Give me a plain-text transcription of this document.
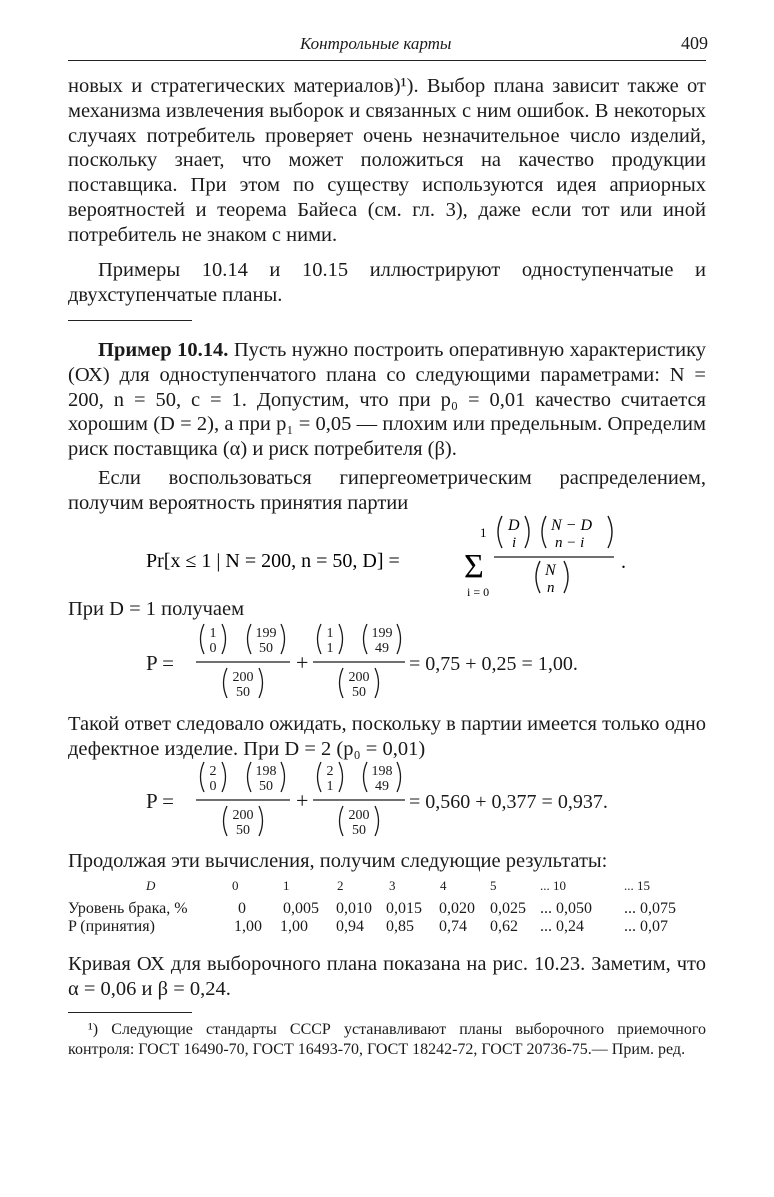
Контрольные карты	409
новых и стратегических материалов)¹). Выбор плана зависит также от механизма извлечения выборок и связанных с ним ошибок. В некоторых случаях потребитель проверяет очень незначительное число изделий, поскольку знает, что может положиться на качество продукции поставщика. При этом по существу используются идея априорных вероятностей и теорема Байеса (см. гл. 3), даже если тот или иной потребитель не знаком с ними.
Примеры 10.14 и 10.15 иллюстрируют одноступенчатые и двухступенчатые планы.
Пример 10.14. Пусть нужно построить оперативную характеристику (ОХ) для одноступенчатого плана со следующими параметрами: N = 200, n = 50, c = 1. Допустим, что при p₀ = 0,01 качество считается хорошим (D = 2), а при p₁ = 0,05 — плохим или предельным. Определим риск поставщика (α) и риск потребителя (β).
Если воспользоваться гипергеометрическим распределением, получим вероятность принятия партии
Pr[x ≤ 1 | N = 200, n = 50, D] =
1
Σ
i = 0
D
i
N − D
n − i
N
n
.
При D = 1 получаем
P =
1
0
199
50
200
50
+
1
1
199
49
200
50
= 0,75 + 0,25 = 1,00.
Такой ответ следовало ожидать, поскольку в партии имеется только одно дефектное изделие. При D = 2 (p₀ = 0,01)
P =
2
0
198
50
200
50
+
2
1
198
49
200
50
= 0,560 + 0,377 = 0,937.
Продолжая эти вычисления, получим следующие результаты:
D	0	1	2	3	4	5	... 10	... 15
Уровень брака, %	0 0,005 0,010 0,015 0,020 0,025 ... 0,050 ... 0,075
P (принятия)	1,00 1,00 0,94 0,85 0,74 0,62 ... 0,24	... 0,07
Кривая ОХ для выборочного плана показана на рис. 10.23. Заметим, что α = 0,06 и β = 0,24.
¹) Следующие стандарты СССР устанавливают планы выборочного приемочного контроля: ГОСТ 16490-70, ГОСТ 16493-70, ГОСТ 18242-72, ГОСТ 20736-75.— Прим. ред.
